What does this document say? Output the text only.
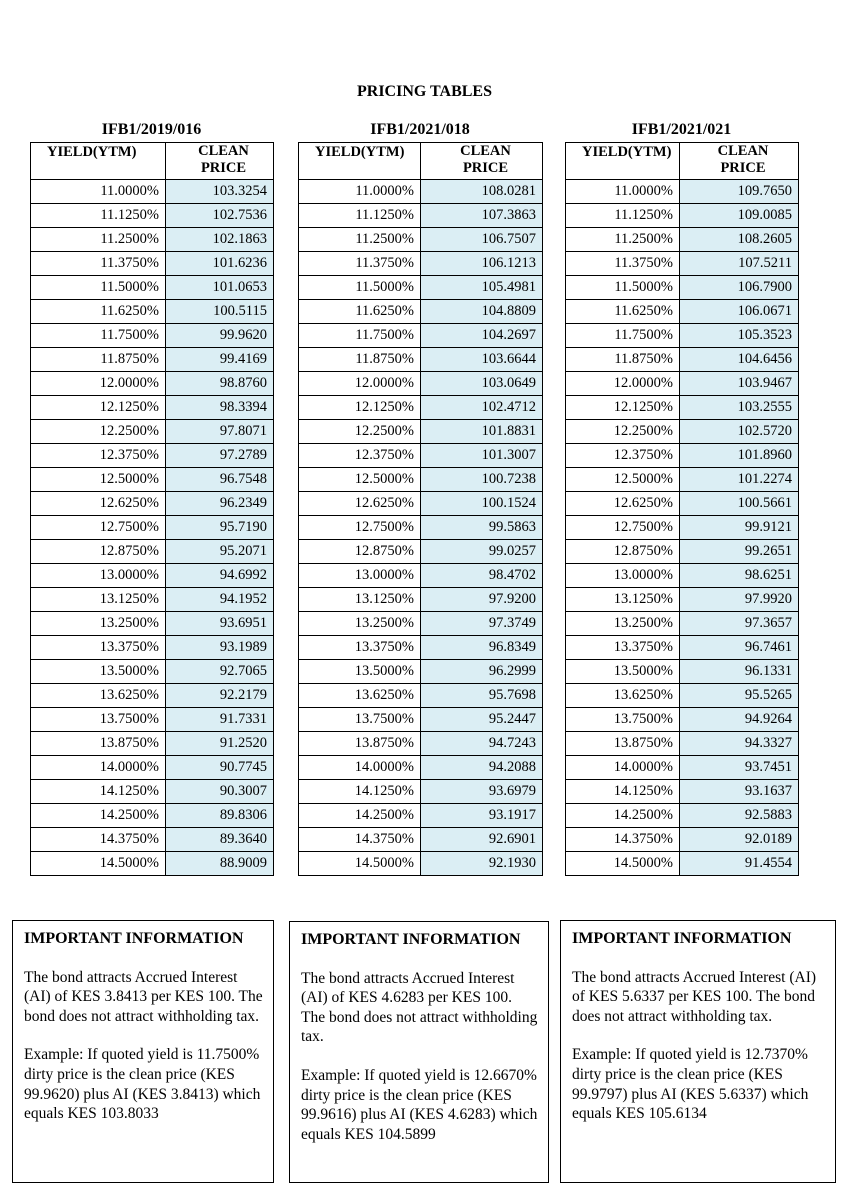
PRICING TABLES
IFB1/2019/016
YIELD(YTM)	CLEAN
PRICE
11.0000%	103.3254
11.1250%	102.7536
11.2500%	102.1863
11.3750%	101.6236
11.5000%	101.0653
11.6250%	100.5115
11.7500%	99.9620
11.8750%	99.4169
12.0000%	98.8760
12.1250%	98.3394
12.2500%	97.8071
12.3750%	97.2789
12.5000%	96.7548
12.6250%	96.2349
12.7500%	95.7190
12.8750%	95.2071
13.0000%	94.6992
13.1250%	94.1952
13.2500%	93.6951
13.3750%	93.1989
13.5000%	92.7065
13.6250%	92.2179
13.7500%	91.7331
13.8750%	91.2520
14.0000%	90.7745
14.1250%	90.3007
14.2500%	89.8306
14.3750%	89.3640
14.5000%	88.9009
IFB1/2021/018
YIELD(YTM)	CLEAN
PRICE
11.0000%	108.0281
11.1250%	107.3863
11.2500%	106.7507
11.3750%	106.1213
11.5000%	105.4981
11.6250%	104.8809
11.7500%	104.2697
11.8750%	103.6644
12.0000%	103.0649
12.1250%	102.4712
12.2500%	101.8831
12.3750%	101.3007
12.5000%	100.7238
12.6250%	100.1524
12.7500%	99.5863
12.8750%	99.0257
13.0000%	98.4702
13.1250%	97.9200
13.2500%	97.3749
13.3750%	96.8349
13.5000%	96.2999
13.6250%	95.7698
13.7500%	95.2447
13.8750%	94.7243
14.0000%	94.2088
14.1250%	93.6979
14.2500%	93.1917
14.3750%	92.6901
14.5000%	92.1930
IFB1/2021/021
YIELD(YTM)	CLEAN
PRICE
11.0000%	109.7650
11.1250%	109.0085
11.2500%	108.2605
11.3750%	107.5211
11.5000%	106.7900
11.6250%	106.0671
11.7500%	105.3523
11.8750%	104.6456
12.0000%	103.9467
12.1250%	103.2555
12.2500%	102.5720
12.3750%	101.8960
12.5000%	101.2274
12.6250%	100.5661
12.7500%	99.9121
12.8750%	99.2651
13.0000%	98.6251
13.1250%	97.9920
13.2500%	97.3657
13.3750%	96.7461
13.5000%	96.1331
13.6250%	95.5265
13.7500%	94.9264
13.8750%	94.3327
14.0000%	93.7451
14.1250%	93.1637
14.2500%	92.5883
14.3750%	92.0189
14.5000%	91.4554
IMPORTANT INFORMATION

The bond attracts Accrued Interest (AI) of KES 3.8413 per KES 100. The bond does not attract withholding tax.

Example: If quoted yield is 11.7500% dirty price is the clean price (KES 99.9620) plus AI (KES 3.8413) which equals KES 103.8033

IMPORTANT INFORMATION

The bond attracts Accrued Interest (AI) of KES 4.6283 per KES 100. The bond does not attract withholding tax.

Example: If quoted yield is 12.6670% dirty price is the clean price (KES 99.9616) plus AI (KES 4.6283) which equals KES 104.5899

IMPORTANT INFORMATION

The bond attracts Accrued Interest (AI) of KES 5.6337 per KES 100. The bond does not attract withholding tax.

Example: If quoted yield is 12.7370% dirty price is the clean price (KES 99.9797) plus AI (KES 5.6337) which equals KES 105.6134
